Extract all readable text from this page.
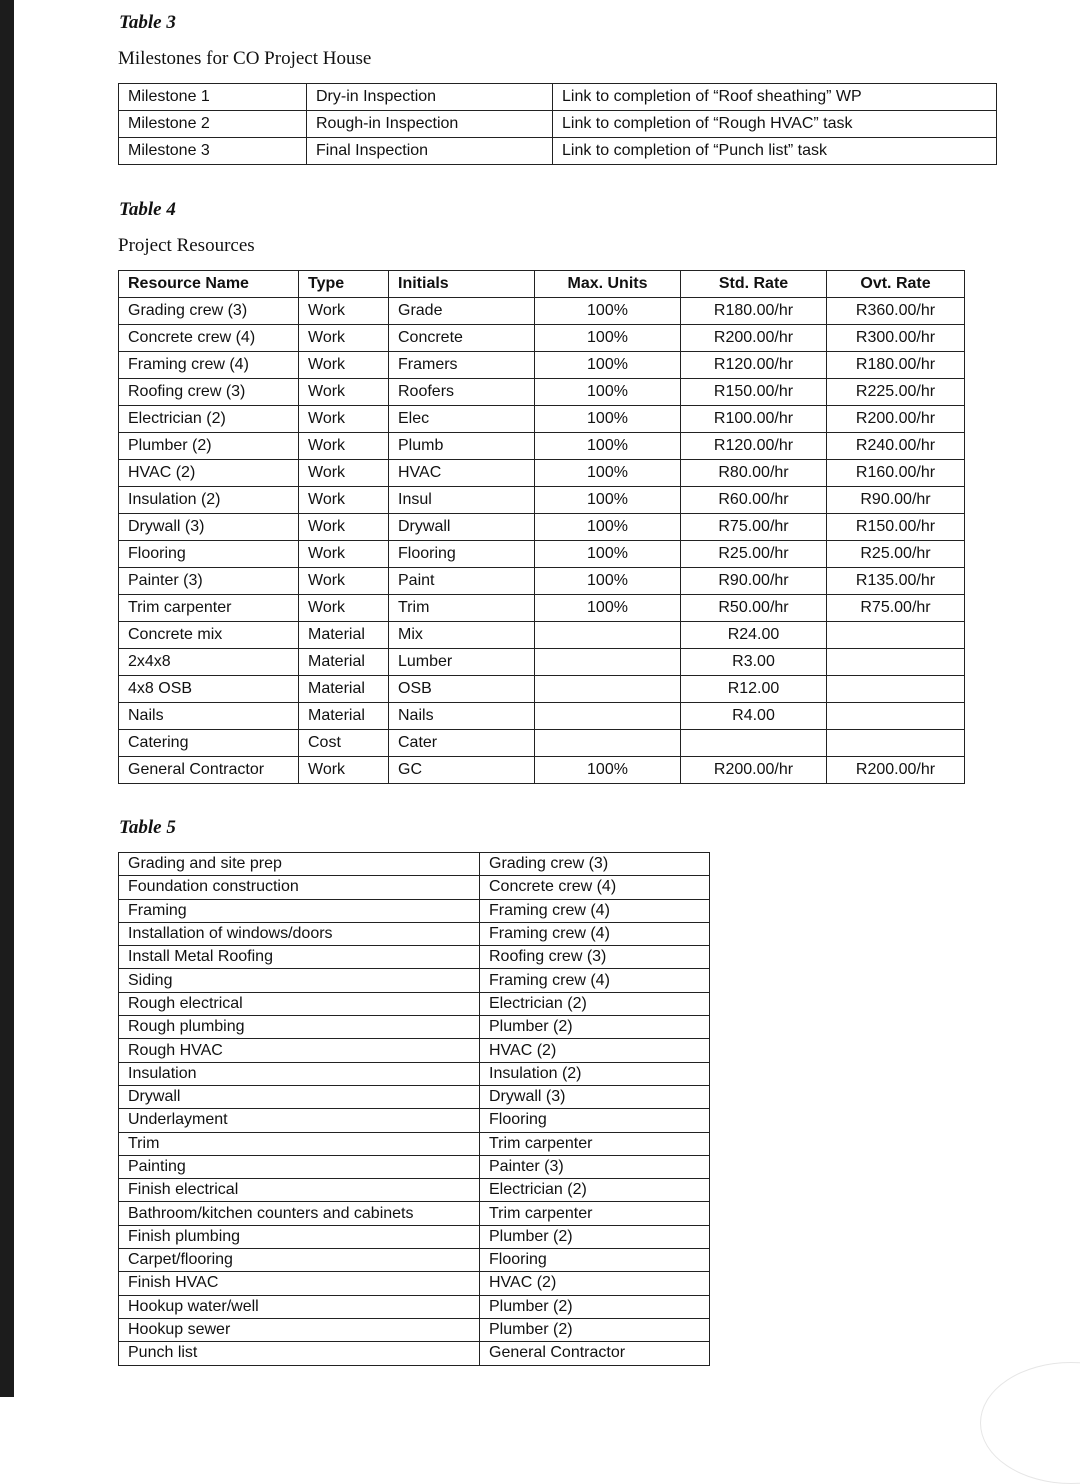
Table 3

Milestones for CO Project House

Milestone 1	Dry-in Inspection	Link to completion of “Roof sheathing” WP
Milestone 2	Rough-in Inspection	Link to completion of “Rough HVAC” task
Milestone 3	Final Inspection	Link to completion of “Punch list” task
Table 4

Project Resources

Resource Name	Type	Initials	Max. Units	Std. Rate	Ovt. Rate
Grading crew (3)	Work	Grade	100%	R180.00/hr	R360.00/hr
Concrete crew (4)	Work	Concrete	100%	R200.00/hr	R300.00/hr
Framing crew (4)	Work	Framers	100%	R120.00/hr	R180.00/hr
Roofing crew (3)	Work	Roofers	100%	R150.00/hr	R225.00/hr
Electrician (2)	Work	Elec	100%	R100.00/hr	R200.00/hr
Plumber (2)	Work	Plumb	100%	R120.00/hr	R240.00/hr
HVAC (2)	Work	HVAC	100%	R80.00/hr	R160.00/hr
Insulation (2)	Work	Insul	100%	R60.00/hr	R90.00/hr
Drywall (3)	Work	Drywall	100%	R75.00/hr	R150.00/hr
Flooring	Work	Flooring	100%	R25.00/hr	R25.00/hr
Painter (3)	Work	Paint	100%	R90.00/hr	R135.00/hr
Trim carpenter	Work	Trim	100%	R50.00/hr	R75.00/hr
Concrete mix	Material	Mix		R24.00	
2x4x8	Material	Lumber		R3.00	
4x8 OSB	Material	OSB		R12.00	
Nails	Material	Nails		R4.00	
Catering	Cost	Cater			
General Contractor	Work	GC	100%	R200.00/hr	R200.00/hr
Table 5
Grading and site prep	Grading crew (3)
Foundation construction	Concrete crew (4)
Framing	Framing crew (4)
Installation of windows/doors	Framing crew (4)
Install Metal Roofing	Roofing crew (3)
Siding	Framing crew (4)
Rough electrical	Electrician (2)
Rough plumbing	Plumber (2)
Rough HVAC	HVAC (2)
Insulation	Insulation (2)
Drywall	Drywall (3)
Underlayment	Flooring
Trim	Trim carpenter
Painting	Painter (3)
Finish electrical	Electrician (2)
Bathroom/kitchen counters and cabinets	Trim carpenter
Finish plumbing	Plumber (2)
Carpet/flooring	Flooring
Finish HVAC	HVAC (2)
Hookup water/well	Plumber (2)
Hookup sewer	Plumber (2)
Punch list	General Contractor
